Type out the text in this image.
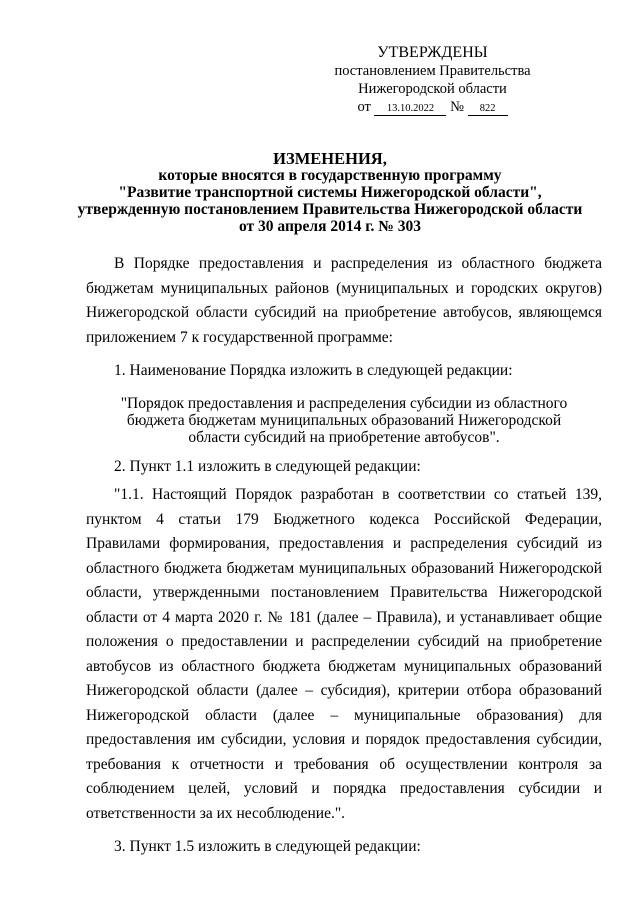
УТВЕРЖДЕНЫ
постановлением Правительства
Нижегородской области
от 13.10.2022 № 822
ИЗМЕНЕНИЯ,
которые вносятся в государственную программу
"Развитие транспортной системы Нижегородской области",
утвержденную постановлением Правительства Нижегородской области
от 30 апреля 2014 г. № 303

В Порядке предоставления и распределения из областного бюджета бюджетам муниципальных районов (муниципальных и городских округов) Нижегородской области субсидий на приобретение автобусов, являющемся приложением 7 к государственной программе:

1. Наименование Порядка изложить в следующей редакции:

"Порядок предоставления и распределения субсидии из областного бюджета бюджетам муниципальных образований Нижегородской области субсидий на приобретение автобусов".

2. Пункт 1.1 изложить в следующей редакции:

"1.1. Настоящий Порядок разработан в соответствии со статьей 139, пунктом 4 статьи 179 Бюджетного кодекса Российской Федерации, Правилами формирования, предоставления и распределения субсидий из областного бюджета бюджетам муниципальных образований Нижегородской области, утвержденными постановлением Правительства Нижегородской области от 4 марта 2020 г. № 181 (далее – Правила), и устанавливает общие положения о предоставлении и распределении субсидий на приобретение автобусов из областного бюджета бюджетам муниципальных образований Нижегородской области (далее – субсидия), критерии отбора образований Нижегородской области (далее – муниципальные образования) для предоставления им субсидии, условия и порядок предоставления субсидии, требования к отчетности и требования об осуществлении контроля за соблюдением целей, условий и порядка предоставления субсидии и ответственности за их несоблюдение.".

3. Пункт 1.5 изложить в следующей редакции:
